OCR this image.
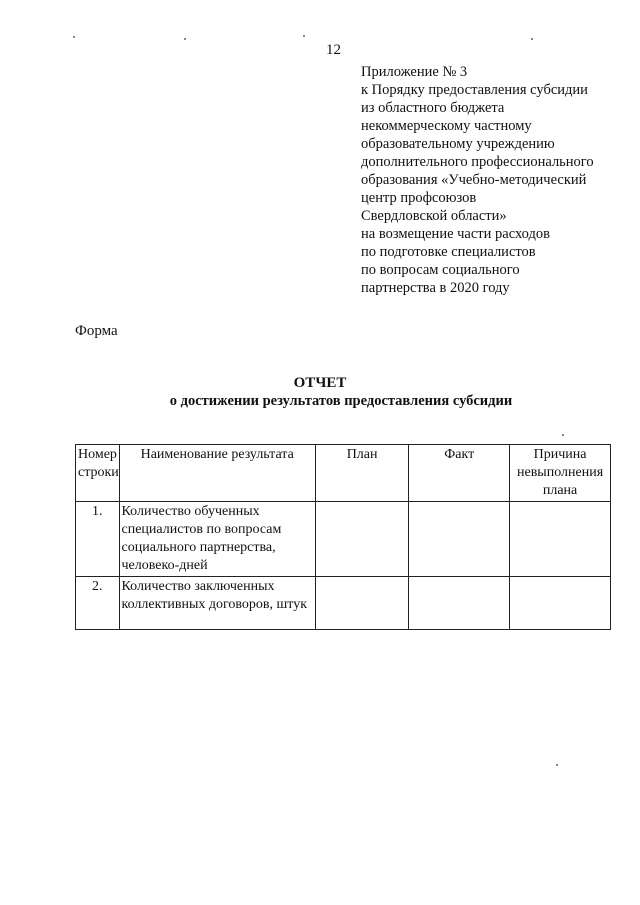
12
Приложение № 3
к Порядку предоставления субсидии
из областного бюджета
некоммерческому частному
образовательному учреждению
дополнительного профессионального
образования «Учебно-методический
центр профсоюзов
Свердловской области»
на возмещение части расходов
по подготовке специалистов
по вопросам социального
партнерства в 2020 году
Форма
ОТЧЕТ
о достижении результатов предоставления субсидии
Номер строки	Наименование результата	План	Факт	Причина невыполнения плана
1.	Количество обученных специалистов по вопросам социального партнерства, человеко-дней			
2.	Количество заключенных коллективных договоров, штук			
